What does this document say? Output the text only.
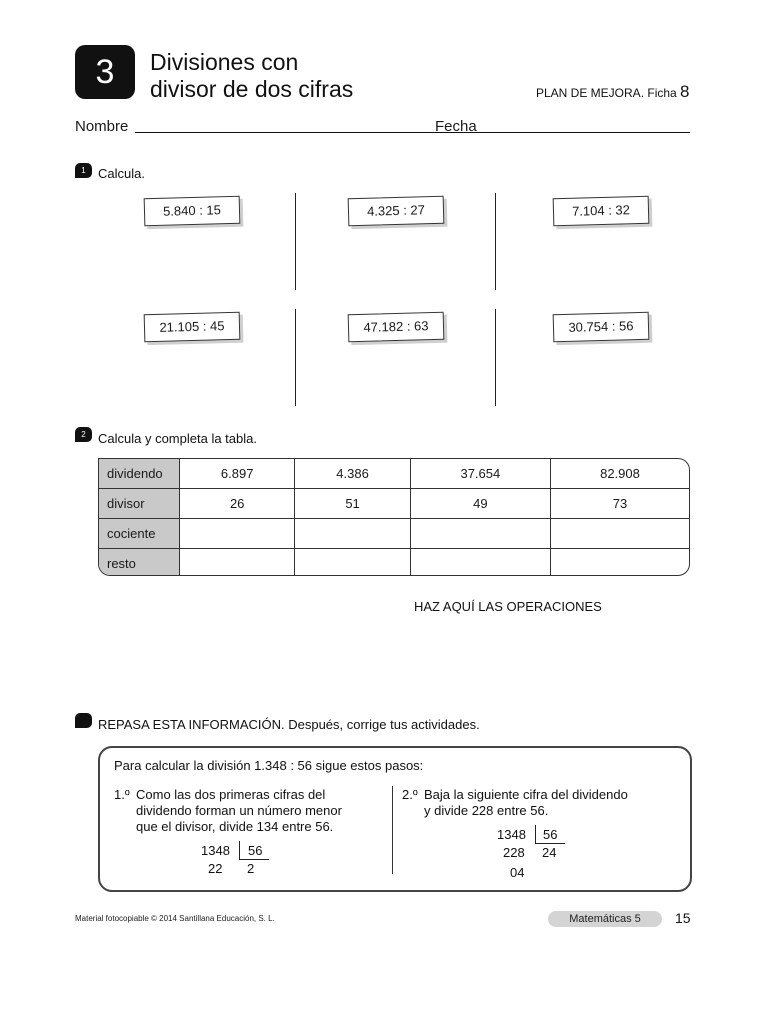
3	Divisiones con
divisor de dos cifras	PLAN DE MEJORA. Ficha 8
Nombre	Fecha
1 Calcula.
5.840 : 15	4.325 : 27	7.104 : 32
21.105 : 45	47.182 : 63	30.754 : 56
2 Calcula y completa la tabla.
dividendo	6.897	4.386	37.654	82.908
divisor	26	51	49	73
cociente				
resto				
HAZ AQUÍ LAS OPERACIONES
REPASA ESTA INFORMACIÓN. Después, corrige tus actividades.
Para calcular la división 1.348 : 56 sigue estos pasos:
1.º Como las dos primeras cifras del
dividendo forman un número menor
que el divisor, divide 134 entre 56.
1348 56
22 2
2.º Baja la siguiente cifra del dividendo
y divide 228 entre 56.
1348 56
228 24
04
Material fotocopiable © 2014 Santillana Educación, S. L.	Matemáticas 5	15
